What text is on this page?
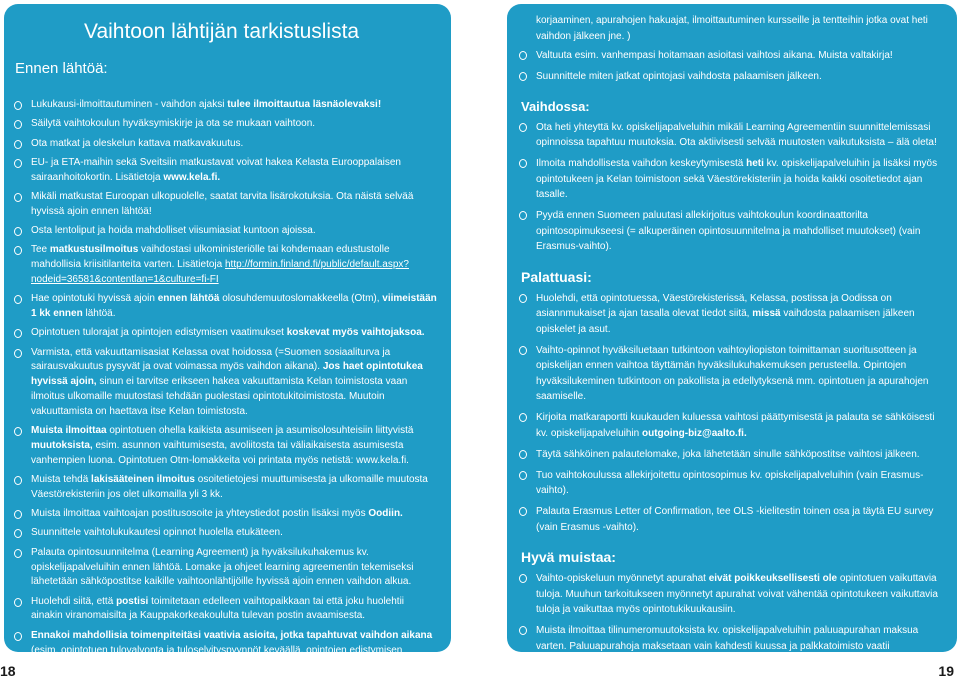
Vaihtoon lähtijän tarkistuslista
Ennen lähtöä:
Lukukausi-ilmoittautuminen - vaihdon ajaksi tulee ilmoittautua läsnäolevaksi!
Säilytä vaihtokoulun hyväksymiskirje ja ota se mukaan vaihtoon.
Ota matkat ja oleskelun kattava matkavakuutus.
EU- ja ETA-maihin sekä Sveitsiin matkustavat voivat hakea Kelasta Eurooppalaisen sairaanhoitokortin. Lisätietoja www.kela.fi.
Mikäli matkustat Euroopan ulkopuolelle, saatat tarvita lisärokotuksia. Ota näistä selvää hyvissä ajoin ennen lähtöä!
Osta lentoliput ja hoida mahdolliset viisumiasiat kuntoon ajoissa.
Tee matkustusilmoitus vaihdostasi ulkoministeriölle tai kohdemaan edustustolle mahdollisia kriisitilanteita varten. Lisätietoja http://formin.finland.fi/public/default.aspx?nodeid=36581&contentlan=1&culture=fi-FI
Hae opintotuki hyvissä ajoin ennen lähtöä olosuhdemuutoslomakkeella (Otm), viimeistään 1 kk ennen lähtöä.
Opintotuen tulorajat ja opintojen edistymisen vaatimukset koskevat myös vaihtojaksoa.
Varmista, että vakuuttamisasiat Kelassa ovat hoidossa (=Suomen sosiaaliturva ja sairausvakuutus pysyvät ja ovat voimassa myös vaihdon aikana). Jos haet opintotukea hyvissä ajoin, sinun ei tarvitse erikseen hakea vakuuttamista Kelan toimistosta vaan ilmoitus ulkomaille muutostasi tehdään puolestasi opintotukitoimistosta. Muutoin vakuuttamista on haettava itse Kelan toimistosta.
Muista ilmoittaa opintotuen ohella kaikista asumiseen ja asumisolosuhteisiin liittyvistä muutoksista, esim. asunnon vaihtumisesta, avoliitosta tai väliaikaisesta asumisesta vanhempien luona. Opintotuen Otm-lomakkeita voi printata myös netistä: www.kela.fi.
Muista tehdä lakisääteinen ilmoitus osoitetietojesi muuttumisesta ja ulkomaille muutosta Väestörekisteriin jos olet ulkomailla yli 3 kk.
Muista ilmoittaa vaihtoajan postitusosoite ja yhteystiedot postin lisäksi myös Oodiin.
Suunnittele vaihtolukukautesi opinnot huolella etukäteen.
Palauta opintosuunnitelma (Learning Agreement) ja hyväksilukuhakemus kv. opiskelijapalveluihin ennen lähtöä. Lomake ja ohjeet learning agreementin tekemiseksi lähetetään sähköpostitse kaikille vaihtoonlähtijöille hyvissä ajoin ennen vaihdon alkua.
Huolehdi siitä, että postisi toimitetaan edelleen vaihtopaikkaan tai että joku huolehtii ainakin viranomaisilta ja Kauppakorkeakoululta tulevan postin avaamisesta.
Ennakoi mahdollisia toimenpiteitäsi vaativia asioita, jotka tapahtuvat vaihdon aikana (esim. opintotuen tulovalvonta ja tuloselvityspyynnöt keväällä, opintojen edistymisen seurannan selvityspyynnöt alkusyksystä, veroilmoitusten jättäminen/
korjaaminen, apurahojen hakuajat, ilmoittautuminen kursseille ja tentteihin jotka ovat heti vaihdon jälkeen jne. )
Valtuuta esim. vanhempasi hoitamaan asioitasi vaihtosi aikana. Muista valtakirja!
Suunnittele miten jatkat opintojasi vaihdosta palaamisen jälkeen.
Vaihdossa:
Ota heti yhteyttä kv. opiskelijapalveluihin mikäli Learning Agreementiin suunnittelemissasi opinnoissa tapahtuu muutoksia. Ota aktiivisesti selvää muutosten vaikutuksista – älä oleta!
Ilmoita mahdollisesta vaihdon keskeytymisestä heti kv. opiskelijapalveluihin ja lisäksi myös opintotukeen ja Kelan toimistoon sekä Väestörekisteriin ja hoida kaikki osoitetiedot ajan tasalle.
Pyydä ennen Suomeen paluutasi allekirjoitus vaihtokoulun koordinaattorilta opintosopimukseesi (= alkuperäinen opintosuunnitelma ja mahdolliset muutokset) (vain Erasmus-vaihto).
Palattuasi:
Huolehdi, että opintotuessa, Väestörekisterissä, Kelassa, postissa ja Oodissa on asiannmukaiset ja ajan tasalla olevat tiedot siitä, missä vaihdosta palaamisen jälkeen opiskelet ja asut.
Vaihto-opinnot hyväksiluetaan tutkintoon vaihtoyliopiston toimittaman suoritusotteen ja opiskelijan ennen vaihtoa täyttämän hyväksilukuhakemuksen perusteella. Opintojen hyväksilukeminen tutkintoon on pakollista ja edellytyksenä mm. opintotuen ja apurahojen saamiselle.
Kirjoita matkaraportti kuukauden kuluessa vaihtosi päättymisestä ja palauta se sähköisesti kv. opiskelijapalveluihin outgoing-biz@aalto.fi.
Täytä sähköinen palautelomake, joka lähetetään sinulle sähköpostitse vaihtosi jälkeen.
Tuo vaihtokoulussa allekirjoitettu opintosopimus kv. opiskelijapalveluihin (vain Erasmus-vaihto).
Palauta Erasmus Letter of Confirmation, tee OLS -kielitestin toinen osa ja täytä EU survey (vain Erasmus -vaihto).
Hyvä muistaa:
Vaihto-opiskeluun myönnetyt apurahat eivät poikkeuksellisesti ole opintotuen vaikuttavia tuloja. Muuhun tarkoitukseen myönnetyt apurahat voivat vähentää opintotukeen vaikuttavia tuloja ja vaikuttaa myös opintotukikuukausiin.
Muista ilmoittaa tilinumeromuutoksista kv. opiskelijapalveluihin paluuapurahan maksua varten. Paluuapurahoja maksetaan vain kahdesti kuussa ja palkkatoimisto vaatii maksutiedot jo kaksi viikkoa ennen todellista maksupäivää - näin ollen välittömästi suorittamisesta paluuapurahan maksuun voi mennä yli kuukausi.
18	19
